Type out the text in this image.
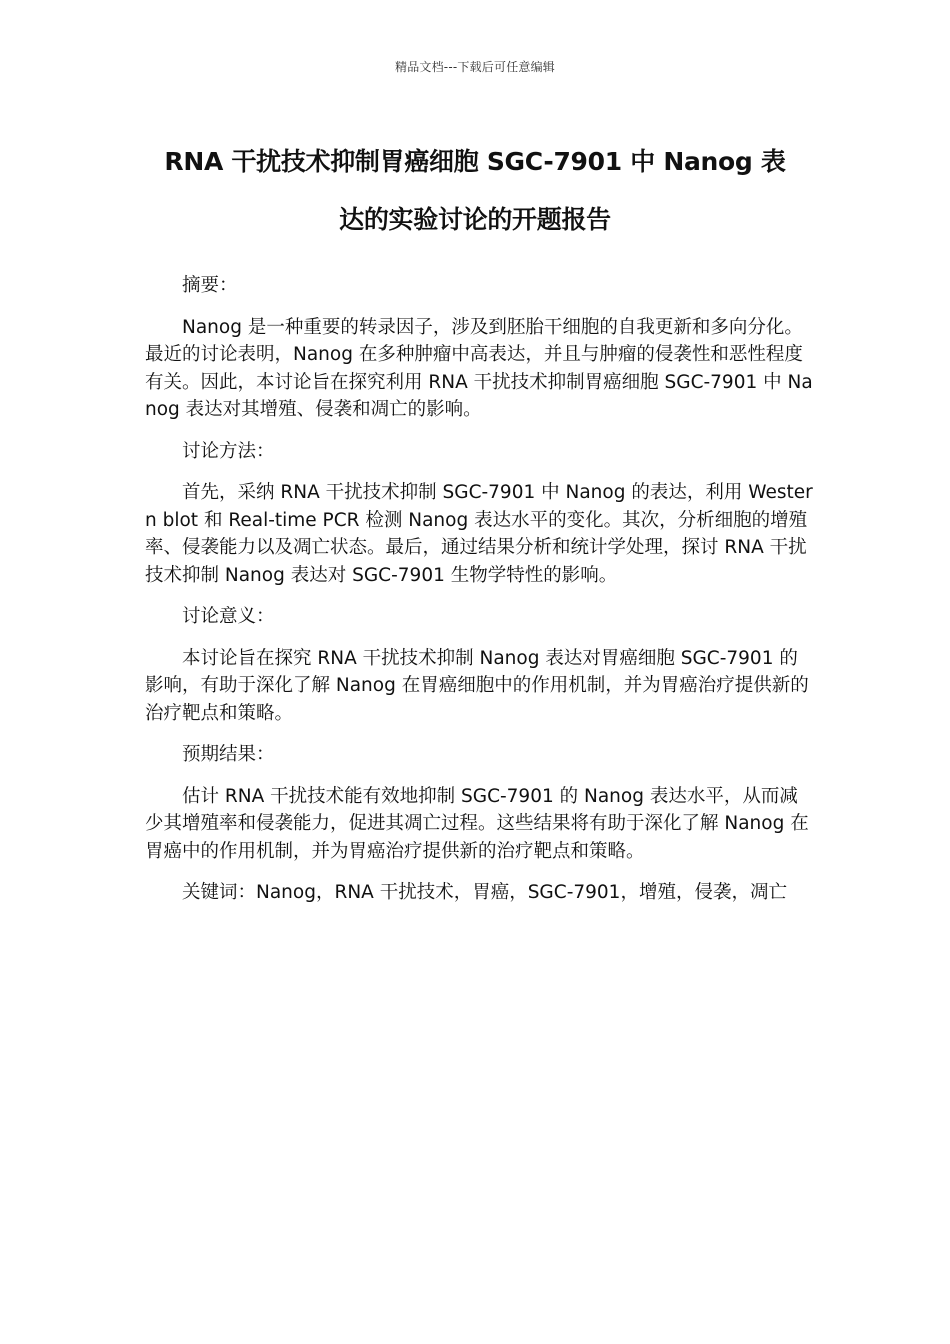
精品文档---下载后可任意编辑
RNA 干扰技术抑制胃癌细胞 SGC-7901 中 Nanog 表
达的实验讨论的开题报告

摘要：

Nanog 是一种重要的转录因子，涉及到胚胎干细胞的自我更新和多向分化。最近的讨论表明，Nanog 在多种肿瘤中高表达，并且与肿瘤的侵袭性和恶性程度有关。因此，本讨论旨在探究利用 RNA 干扰技术抑制胃癌细胞 SGC-7901 中 Nanog 表达对其增殖、侵袭和凋亡的影响。

讨论方法：

首先，采纳 RNA 干扰技术抑制 SGC-7901 中 Nanog 的表达，利用 Western blot 和 Real-time PCR 检测 Nanog 表达水平的变化。其次，分析细胞的增殖率、侵袭能力以及凋亡状态。最后，通过结果分析和统计学处理，探讨 RNA 干扰技术抑制 Nanog 表达对 SGC-7901 生物学特性的影响。

讨论意义：

本讨论旨在探究 RNA 干扰技术抑制 Nanog 表达对胃癌细胞 SGC-7901 的影响，有助于深化了解 Nanog 在胃癌细胞中的作用机制，并为胃癌治疗提供新的治疗靶点和策略。

预期结果：

估计 RNA 干扰技术能有效地抑制 SGC-7901 的 Nanog 表达水平，从而减少其增殖率和侵袭能力，促进其凋亡过程。这些结果将有助于深化了解 Nanog 在胃癌中的作用机制，并为胃癌治疗提供新的治疗靶点和策略。

关键词：Nanog，RNA 干扰技术，胃癌，SGC-7901，增殖，侵袭，凋亡
